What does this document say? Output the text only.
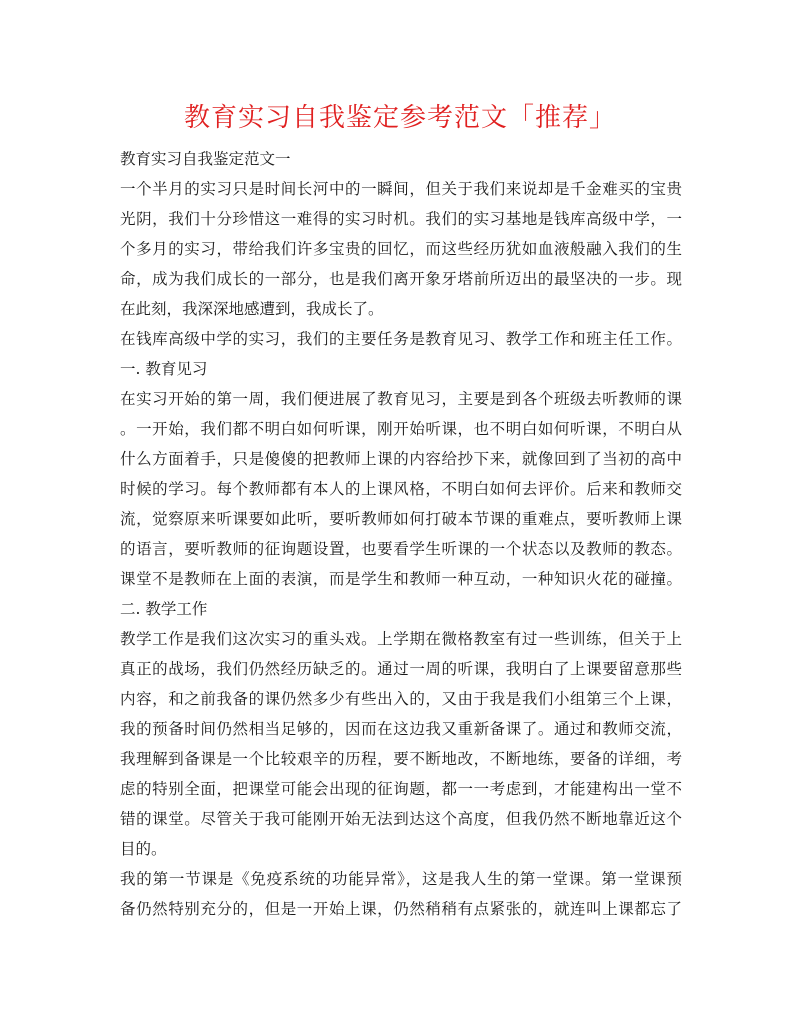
教育实习自我鉴定参考范文「推荐」
教育实习自我鉴定范文一
一个半月的实习只是时间长河中的一瞬间，但关于我们来说却是千金难买的宝贵
光阴，我们十分珍惜这一难得的实习时机。我们的实习基地是钱库高级中学，一
个多月的实习，带给我们许多宝贵的回忆，而这些经历犹如血液般融入我们的生
命，成为我们成长的一部分，也是我们离开象牙塔前所迈出的最坚决的一步。现
在此刻，我深深地感遭到，我成长了。
在钱库高级中学的实习，我们的主要任务是教育见习、教学工作和班主任工作。
一. 教育见习
在实习开始的第一周，我们便进展了教育见习，主要是到各个班级去听教师的课
。一开始，我们都不明白如何听课，刚开始听课，也不明白如何听课，不明白从
什么方面着手，只是傻傻的把教师上课的内容给抄下来，就像回到了当初的高中
时候的学习。每个教师都有本人的上课风格，不明白如何去评价。后来和教师交
流，觉察原来听课要如此听，要听教师如何打破本节课的重难点，要听教师上课
的语言，要听教师的征询题设置，也要看学生听课的一个状态以及教师的教态。
课堂不是教师在上面的表演，而是学生和教师一种互动，一种知识火花的碰撞。
二. 教学工作
教学工作是我们这次实习的重头戏。上学期在微格教室有过一些训练，但关于上
真正的战场，我们仍然经历缺乏的。通过一周的听课，我明白了上课要留意那些
内容，和之前我备的课仍然多少有些出入的，又由于我是我们小组第三个上课，
我的预备时间仍然相当足够的，因而在这边我又重新备课了。通过和教师交流，
我理解到备课是一个比较艰辛的历程，要不断地改，不断地练，要备的详细，考
虑的特别全面，把课堂可能会出现的征询题，都一一考虑到，才能建构出一堂不
错的课堂。尽管关于我可能刚开始无法到达这个高度，但我仍然不断地靠近这个
目的。
我的第一节课是《免疫系统的功能异常》，这是我人生的第一堂课。第一堂课预
备仍然特别充分的，但是一开始上课，仍然稍稍有点紧张的，就连叫上课都忘了
